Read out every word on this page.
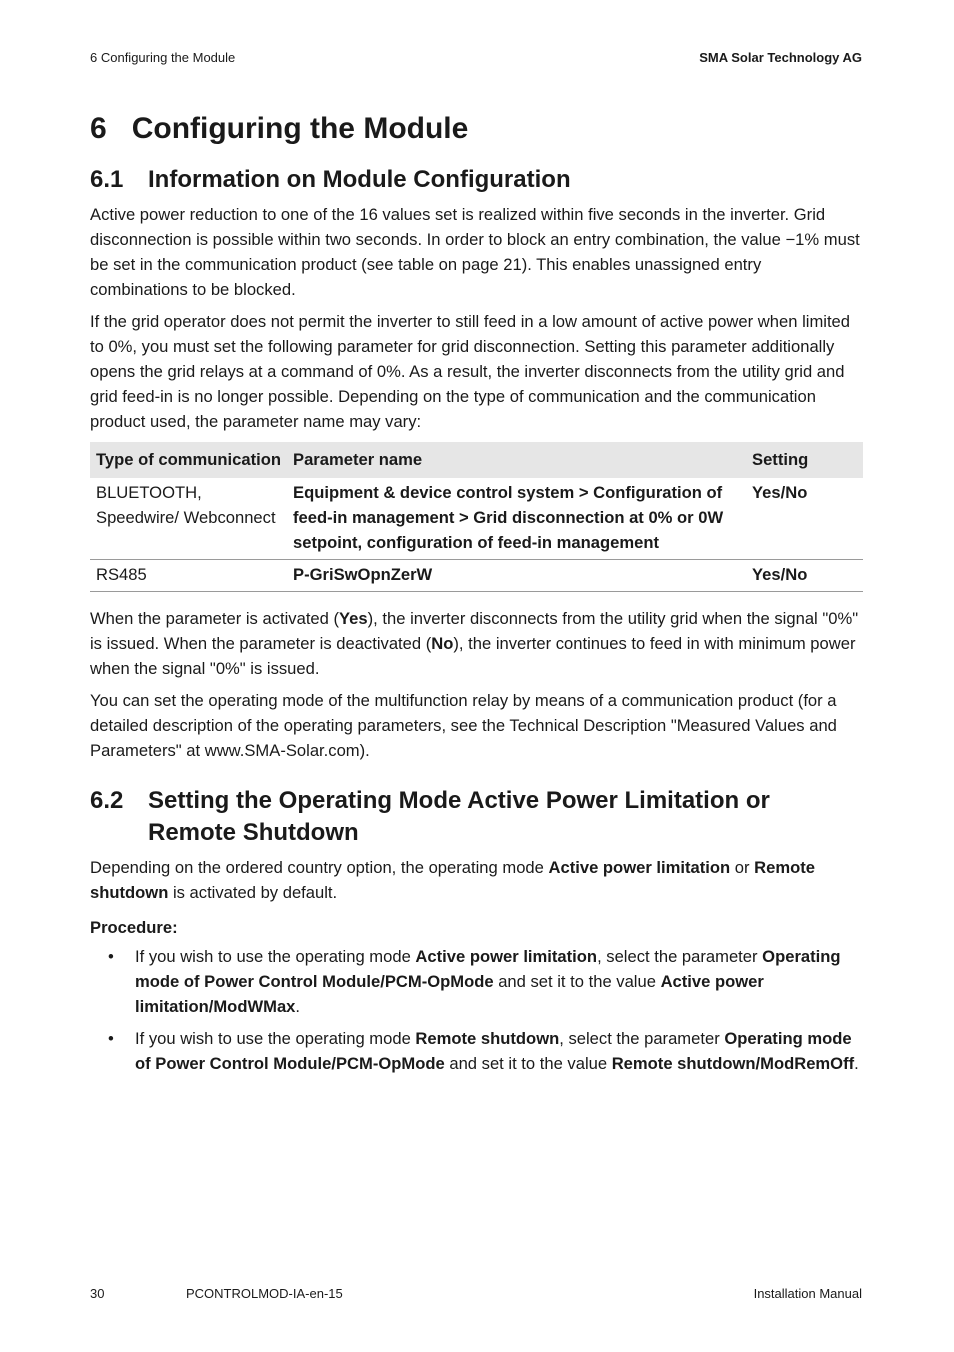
6 Configuring the Module	SMA Solar Technology AG
6 Configuring the Module
6.1	Information on Module Configuration

Active power reduction to one of the 16 values set is realized within five seconds in the inverter. Grid disconnection is possible within two seconds. In order to block an entry combination, the value −1% must be set in the communication product (see table on page 21). This enables unassigned entry combinations to be blocked.

If the grid operator does not permit the inverter to still feed in a low amount of active power when limited to 0%, you must set the following parameter for grid disconnection. Setting this parameter additionally opens the grid relays at a command of 0%. As a result, the inverter disconnects from the utility grid and grid feed-in is no longer possible. Depending on the type of communication and the communication product used, the parameter name may vary:

Type of communication	Parameter name	Setting
BLUETOOTH, Speedwire/ Webconnect	Equipment & device control system > Configuration of feed-in management > Grid disconnection at 0% or 0W setpoint, configuration of feed-in management	Yes/No
RS485	P-GriSwOpnZerW	Yes/No

When the parameter is activated (Yes), the inverter disconnects from the utility grid when the signal "0%" is issued. When the parameter is deactivated (No), the inverter continues to feed in with minimum power when the signal "0%" is issued.

You can set the operating mode of the multifunction relay by means of a communication product (for a detailed description of the operating parameters, see the Technical Description "Measured Values and Parameters" at www.SMA-Solar.com).

6.2	Setting the Operating Mode Active Power Limitation or Remote Shutdown

Depending on the ordered country option, the operating mode Active power limitation or Remote shutdown is activated by default.

Procedure:
• If you wish to use the operating mode Active power limitation, select the parameter Operating mode of Power Control Module/PCM-OpMode and set it to the value Active power limitation/ModWMax.
• If you wish to use the operating mode Remote shutdown, select the parameter Operating mode of Power Control Module/PCM-OpMode and set it to the value Remote shutdown/ModRemOff.
30	PCONTROLMOD-IA-en-15	Installation Manual
